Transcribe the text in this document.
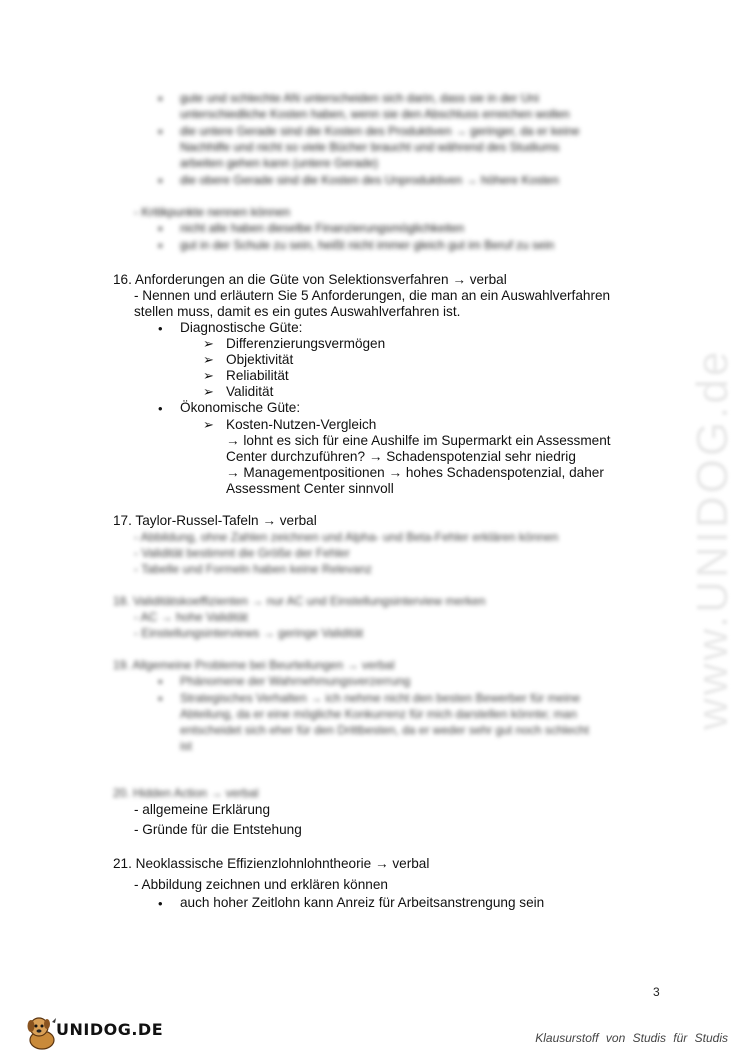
www.UNIDOG.de
• gute und schlechte AN unterscheiden sich darin, dass sie in der Uni
unterschiedliche Kosten haben, wenn sie den Abschluss erreichen wollen
• die untere Gerade sind die Kosten des Produktiven → geringer, da er keine
Nachhilfe und nicht so viele Bücher braucht und während des Studiums
arbeiten gehen kann (untere Gerade)
• die obere Gerade sind die Kosten des Unproduktiven → höhere Kosten
- Kritikpunkte nennen können
• nicht alle haben dieselbe Finanzierungsmöglichkeiten
• gut in der Schule zu sein, heißt nicht immer gleich gut im Beruf zu sein
16. Anforderungen an die Güte von Selektionsverfahren → verbal
- Nennen und erläutern Sie 5 Anforderungen, die man an ein Auswahlverfahren
stellen muss, damit es ein gutes Auswahlverfahren ist.
• Diagnostische Güte:
➢ Differenzierungsvermögen
➢ Objektivität
➢ Reliabilität
➢ Validität
• Ökonomische Güte:
➢ Kosten-Nutzen-Vergleich
→ lohnt es sich für eine Aushilfe im Supermarkt ein Assessment
Center durchzuführen? → Schadenspotenzial sehr niedrig
→ Managementpositionen → hohes Schadenspotenzial, daher
Assessment Center sinnvoll
17. Taylor-Russel-Tafeln → verbal
- Abbildung, ohne Zahlen zeichnen und Alpha- und Beta-Fehler erklären können
- Validität bestimmt die Größe der Fehler
- Tabelle und Formeln haben keine Relevanz
18. Validitätskoeffizienten → nur AC und Einstellungsinterview merken
- AC → hohe Validität
- Einstellungsinterviews → geringe Validität
19. Allgemeine Probleme bei Beurteilungen → verbal
• Phänomene der Wahrnehmungsverzerrung
• Strategisches Verhalten → ich nehme nicht den besten Bewerber für meine
Abteilung, da er eine mögliche Konkurrenz für mich darstellen könnte; man
entscheidet sich eher für den Drittbesten, da er weder sehr gut noch schlecht
ist
20. Hidden Action → verbal
- allgemeine Erklärung
- Gründe für die Entstehung
21. Neoklassische Effizienzlohnlohntheorie → verbal
- Abbildung zeichnen und erklären können
• auch hoher Zeitlohn kann Anreiz für Arbeitsanstrengung sein
3
UNIDOG.DE	Klausurstoff von Studis für Studis
